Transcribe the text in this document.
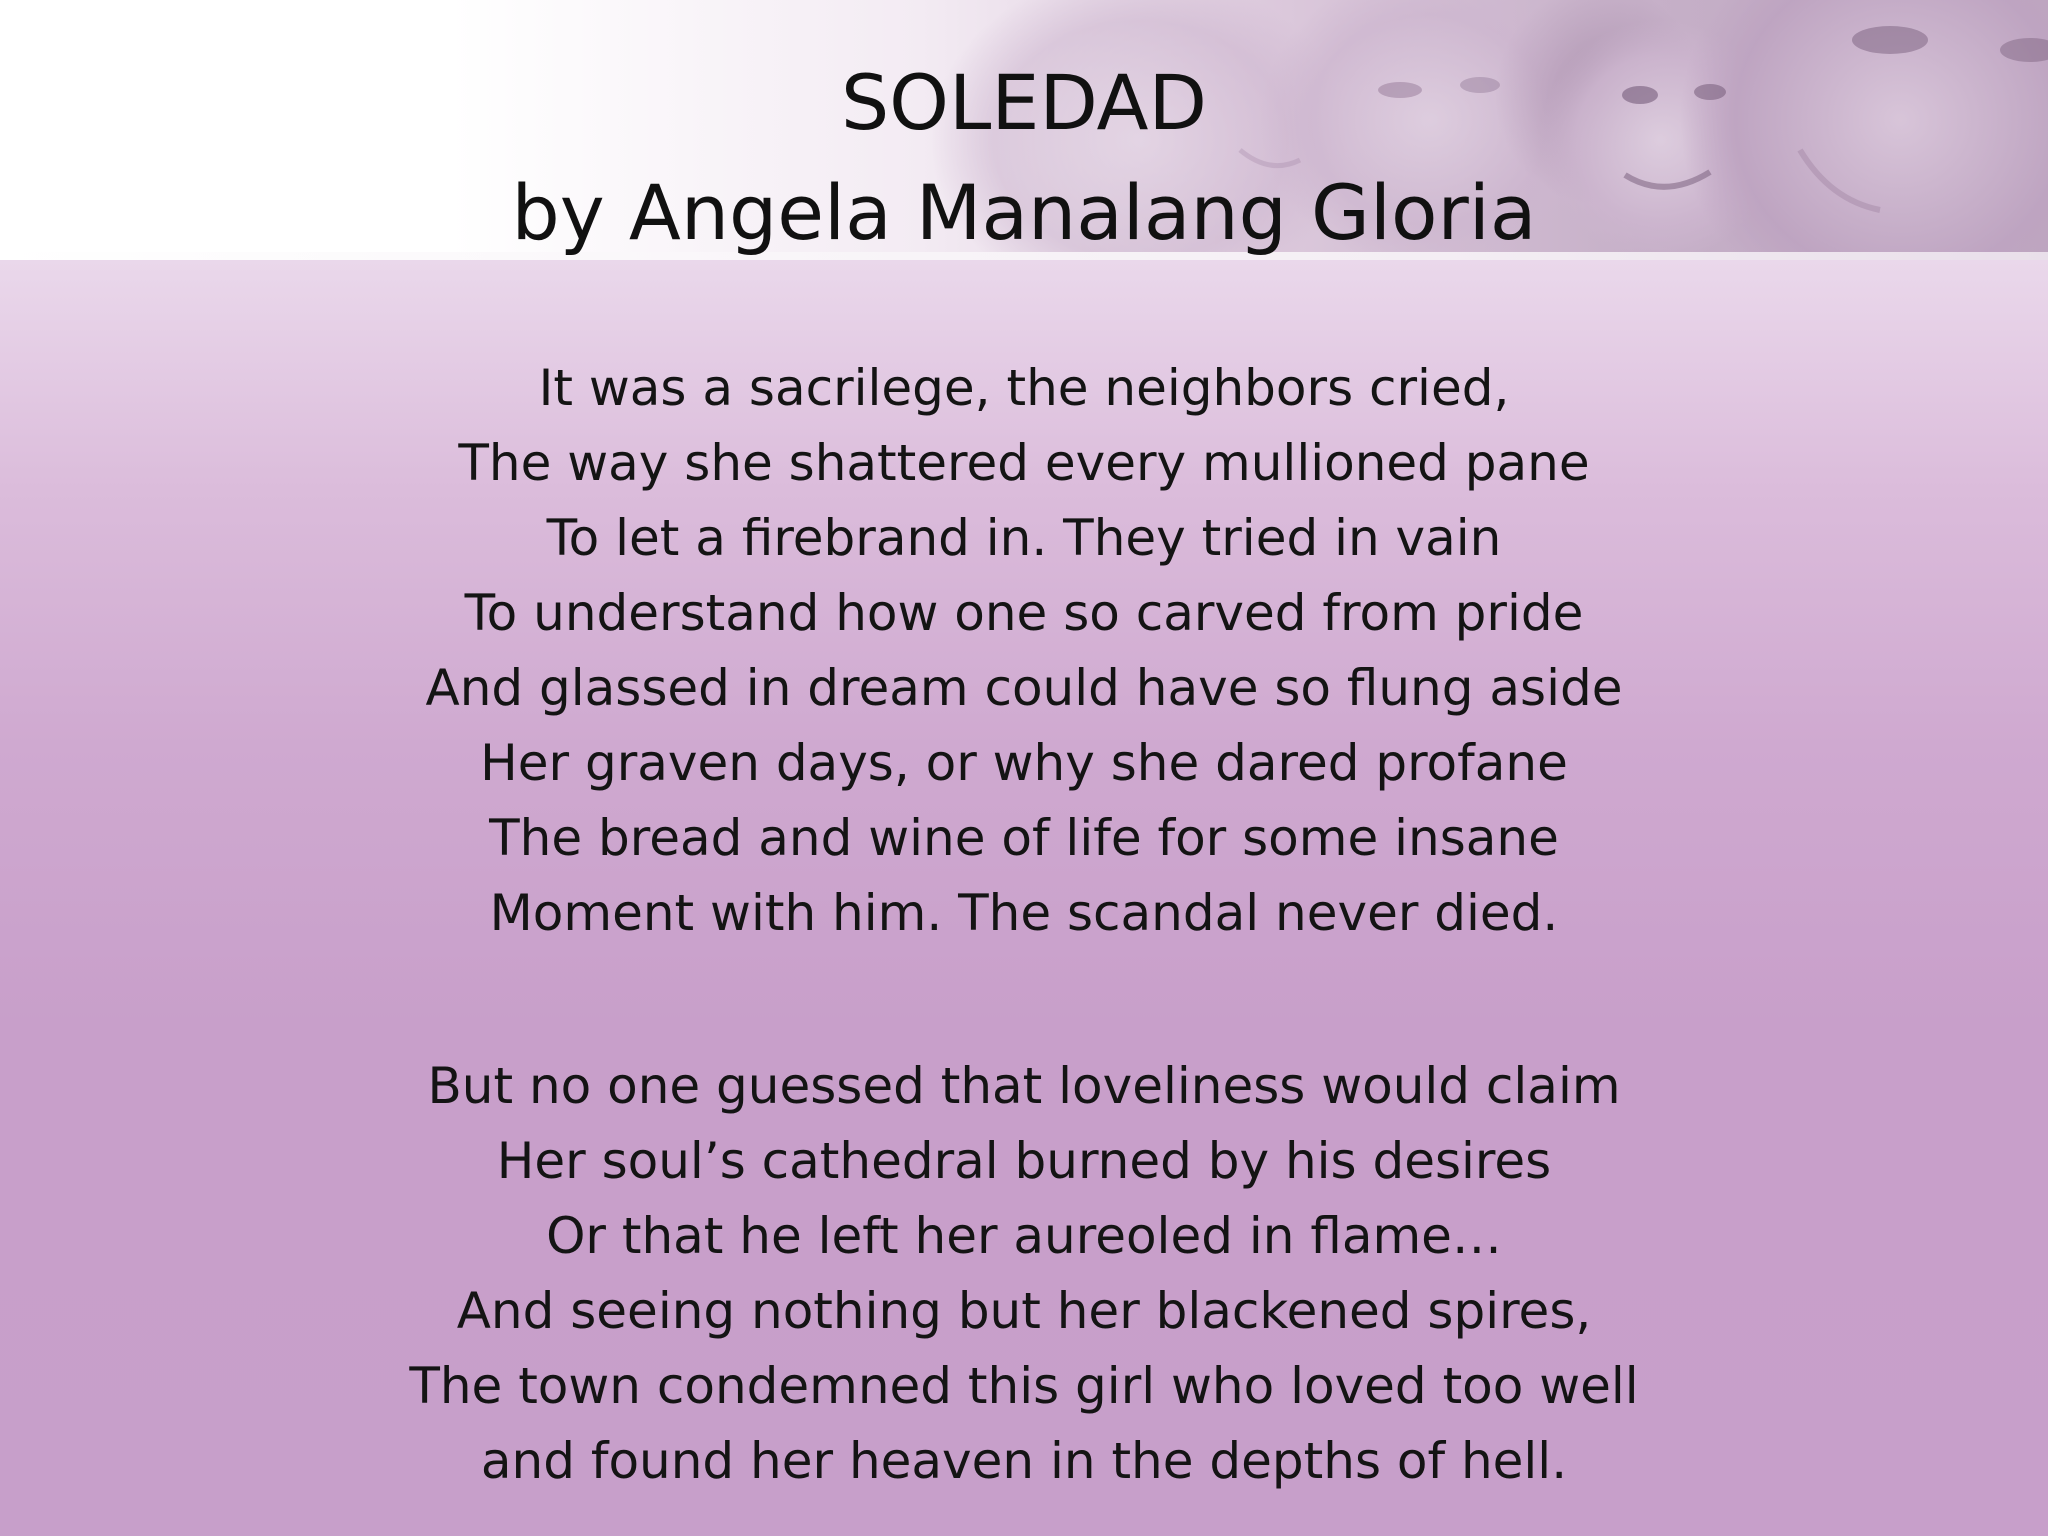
SOLEDAD
by Angela Manalang Gloria
It was a sacrilege, the neighbors cried,
The way she shattered every mullioned pane
To let a firebrand in. They tried in vain
To understand how one so carved from pride
And glassed in dream could have so flung aside
Her graven days, or why she dared profane
The bread and wine of life for some insane
Moment with him. The scandal never died.
But no one guessed that loveliness would claim
Her soul’s cathedral burned by his desires
Or that he left her aureoled in flame…
And seeing nothing but her blackened spires,
The town condemned this girl who loved too well
and found her heaven in the depths of hell.
